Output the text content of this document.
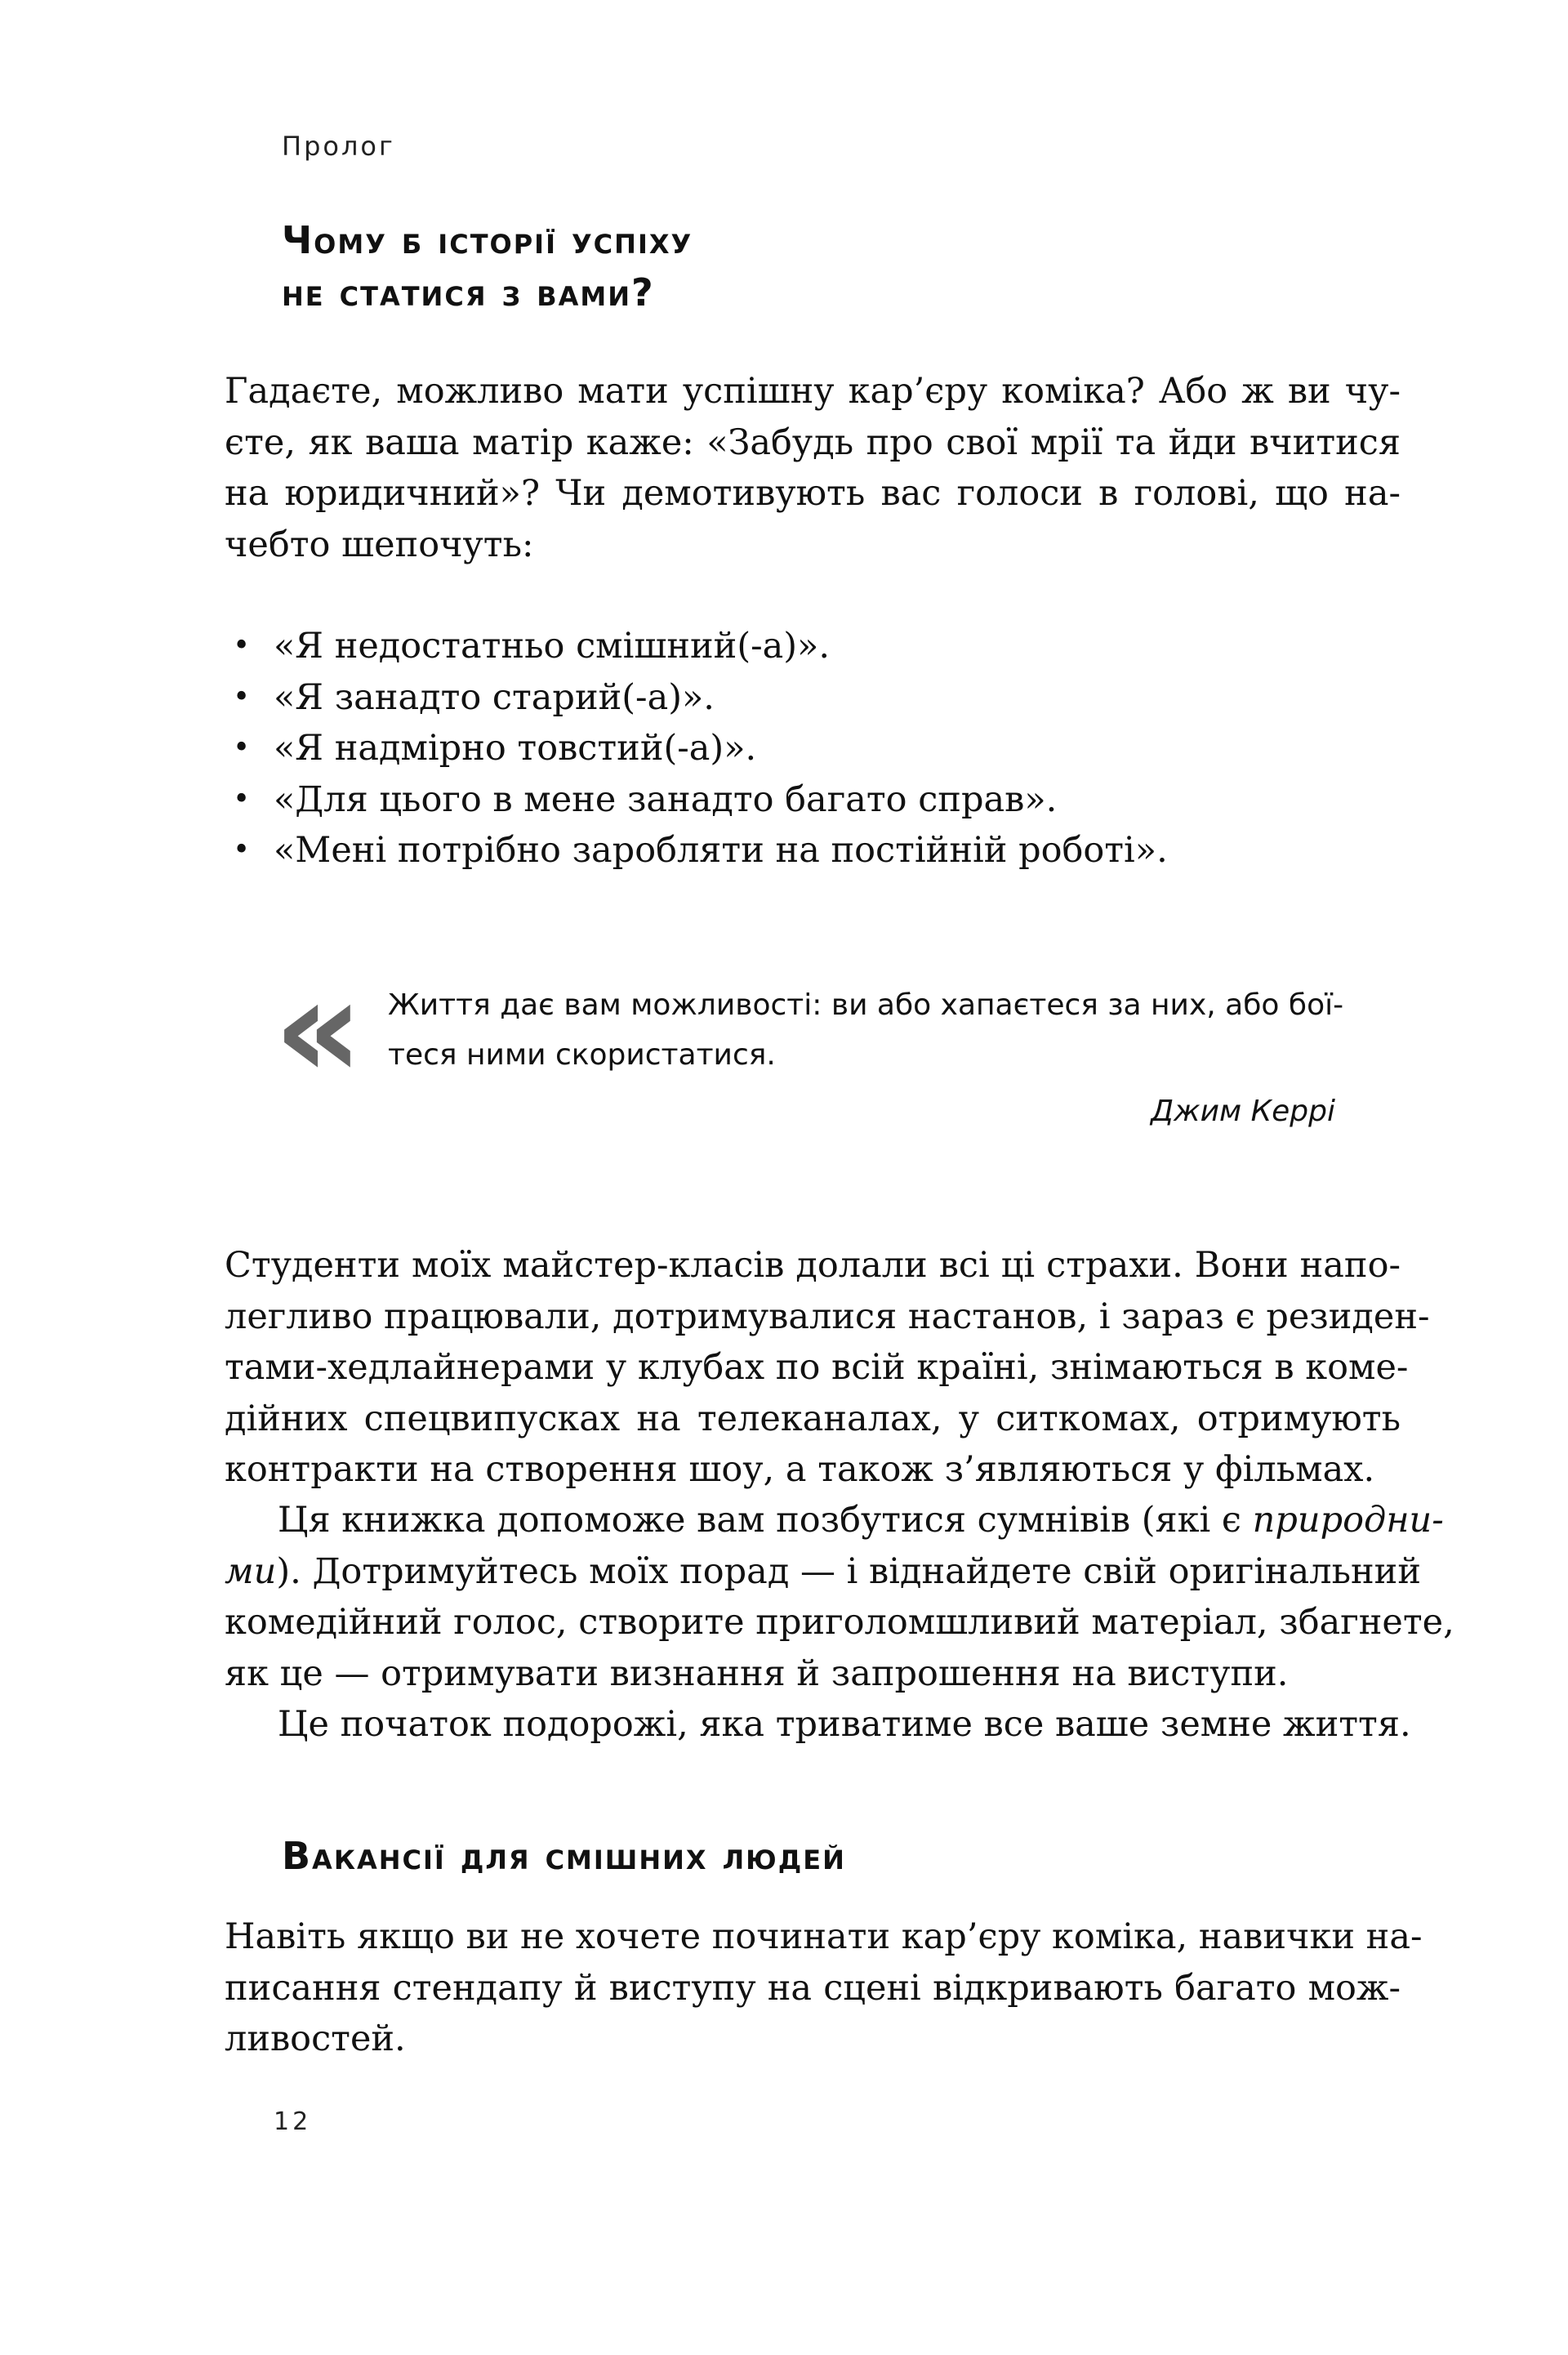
Пролог
Чому б історії успіху
не статися з вами?
Гадаєте, можливо мати успішну кар’єру коміка? Або ж ви чу-
єте, як ваша матір каже: «Забудь про свої мрії та йди вчитися
на юридичний»? Чи демотивують вас голоси в голові, що на-
чебто шепочуть:
• «Я недостатньо смішний(-а)».
• «Я занадто старий(-а)».
• «Я надмірно товстий(-а)».
• «Для цього в мене занадто багато справ».
• «Мені потрібно заробляти на постійній роботі».
« Життя дає вам можливості: ви або хапаєтеся за них, або бої-
теся ними скористатися.
Джим Керрі
Студенти моїх майстер-класів долали всі ці страхи. Вони напо-
легливо працювали, дотримувалися настанов, і зараз є резиден-
тами-хедлайнерами у клубах по всій країні, знімаються в коме-
дійних спецвипусках на телеканалах, у ситкомах, отримують
контракти на створення шоу, а також з’являються у фільмах.
Ця книжка допоможе вам позбутися сумнівів (які є природни-
ми). Дотримуйтесь моїх порад — і віднайдете свій оригінальний
комедійний голос, створите приголомшливий матеріал, збагнете,
як це — отримувати визнання й запрошення на виступи.
Це початок подорожі, яка триватиме все ваше земне життя.
Вакансії для смішних людей
Навіть якщо ви не хочете починати кар’єру коміка, навички на-
писання стендапу й виступу на сцені відкривають багато мож-
ливостей.
12
